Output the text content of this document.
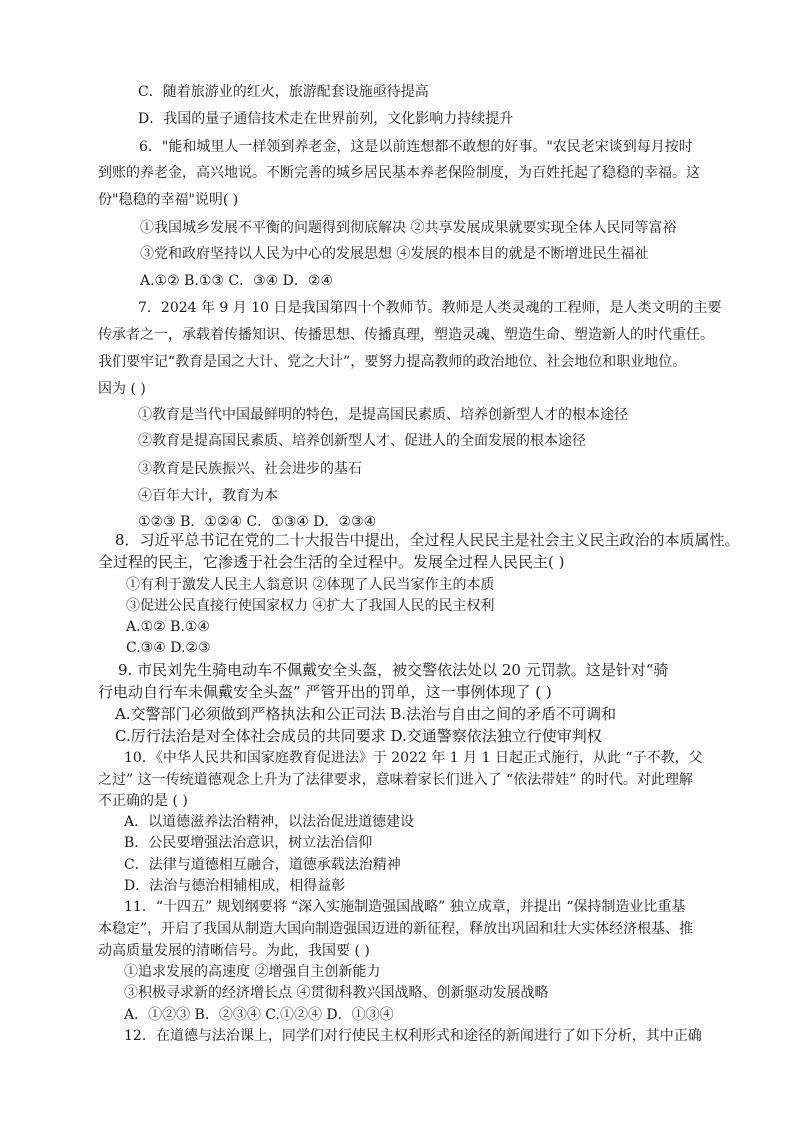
C．随着旅游业的红火，旅游配套设施亟待提高
D．我国的量子通信技术走在世界前列，文化影响力持续提升
6．"能和城里人一样领到养老金，这是以前连想都不敢想的好事。"农民老宋谈到每月按时
到账的养老金，高兴地说。不断完善的城乡居民基本养老保险制度，为百姓托起了稳稳的幸福。这
份"稳稳的幸福"说明( )
①我国城乡发展不平衡的问题得到彻底解决 ②共享发展成果就要实现全体人民同等富裕
③党和政府坚持以人民为中心的发展思想 ④发展的根本目的就是不断增进民生福祉
A.①② B.①③ C．③④ D．②④
7．2024 年 9 月 10 日是我国第四十个教师节。教师是人类灵魂的工程师，是人类文明的主要
传承者之一，承载着传播知识、传播思想、传播真理，塑造灵魂、塑造生命、塑造新人的时代重任。
我们要牢记“教育是国之大计、党之大计”，要努力提高教师的政治地位、社会地位和职业地位。
因为 ( )
①教育是当代中国最鲜明的特色，是提高国民素质、培养创新型人才的根本途径
②教育是提高国民素质、培养创新型人才、促进人的全面发展的根本途径
③教育是民族振兴、社会进步的基石
④百年大计，教育为本
①②③ B．①②④ C．①③④ D．②③④
8．习近平总书记在党的二十大报告中提出，全过程人民民主是社会主义民主政治的本质属性。
全过程的民主，它渗透于社会生活的全过程中。发展全过程人民民主( )
①有利于激发人民主人翁意识 ②体现了人民当家作主的本质
③促进公民直接行使国家权力 ④扩大了我国人民的民主权利
A.①② B.①④
C.③④ D.②③
9. 市民刘先生骑电动车不佩戴安全头盔，被交警依法处以 20 元罚款。这是针对“骑
行电动自行车未佩戴安全头盔” 严管开出的罚单，这一事例体现了 ( )
A.交警部门必须做到严格执法和公正司法 B.法治与自由之间的矛盾不可调和
C.厉行法治是对全体社会成员的共同要求 D.交通警察依法独立行使审判权
10．《中华人民共和国家庭教育促进法》于 2022 年 1 月 1 日起正式施行，从此 “子不教，父
之过” 这一传统道德观念上升为了法律要求，意味着家长们进入了 “依法带娃” 的时代。对此理解
不正确的是 ( )
A．以道德滋养法治精神，以法治促进道德建设
B．公民要增强法治意识，树立法治信仰
C．法律与道德相互融合，道德承载法治精神
D．法治与德治相辅相成，相得益彰
11．“十四五” 规划纲要将 “深入实施制造强国战略” 独立成章，并提出 “保持制造业比重基
本稳定”，开启了我国从制造大国向制造强国迈进的新征程，释放出巩固和壮大实体经济根基、推
动高质量发展的清晰信号。为此，我国要 ( )
①追求发展的高速度 ②增强自主创新能力
③积极寻求新的经济增长点 ④贯彻科教兴国战略、创新驱动发展战略
A．①②③ B．②③④ C.①②④ D．①③④
12．在道德与法治课上，同学们对行使民主权利形式和途径的新闻进行了如下分析，其中正确
